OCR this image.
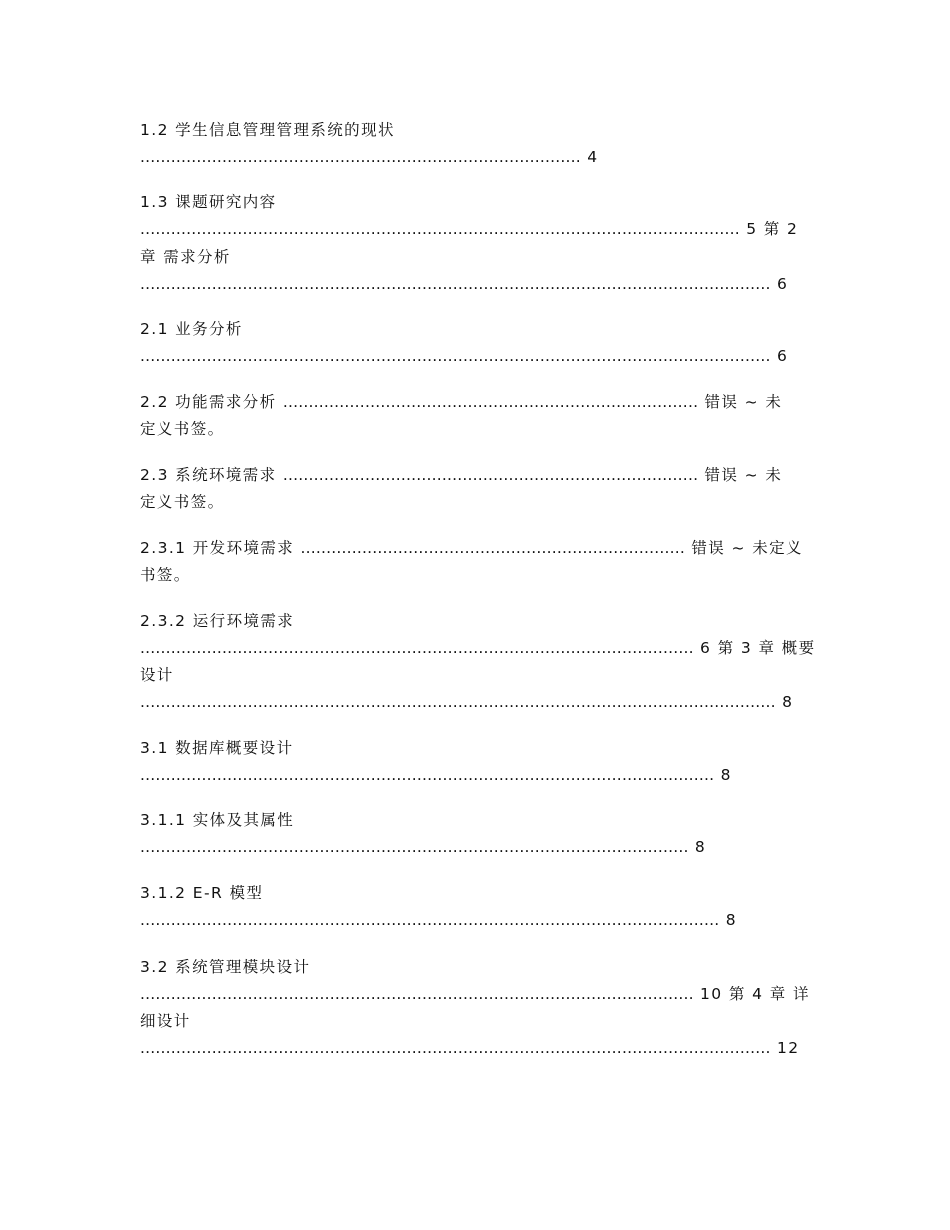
1.2 学生信息管理管理系统的现状
...................................................................................... 4
1.3 课题研究内容
..................................................................................................................... 5 第 2
章 需求分析
........................................................................................................................... 6
2.1 业务分析
........................................................................................................................... 6
2.2 功能需求分析 ................................................................................. 错误 ~ 未
定义书签。
2.3 系统环境需求 ................................................................................. 错误 ~ 未
定义书签。
2.3.1 开发环境需求 ........................................................................... 错误 ~ 未定义
书签。
2.3.2 运行环境需求
............................................................................................................ 6 第 3 章 概要
设计
............................................................................................................................ 8
3.1 数据库概要设计
................................................................................................................ 8
3.1.1 实体及其属性
........................................................................................................... 8
3.1.2 E-R 模型
................................................................................................................. 8
3.2 系统管理模块设计
............................................................................................................ 10 第 4 章 详
细设计
........................................................................................................................... 12
